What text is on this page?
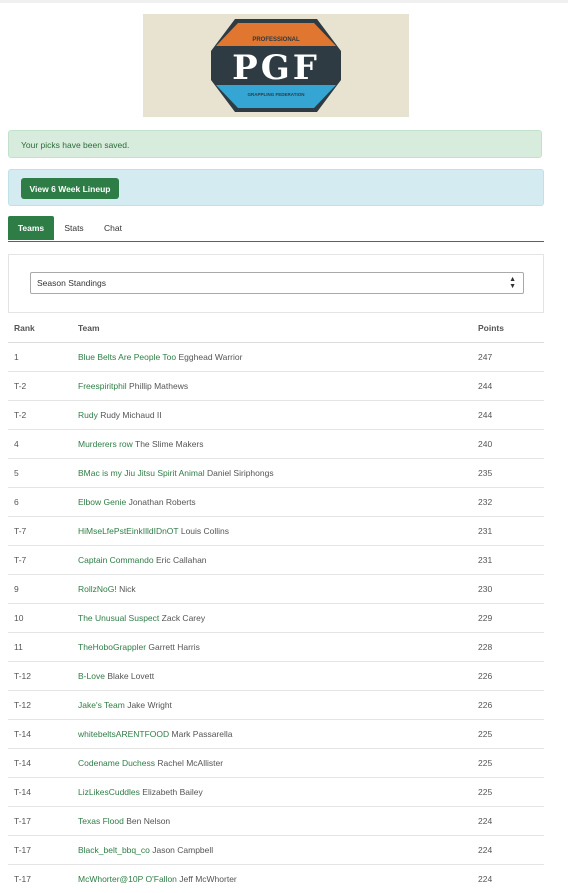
PROFESSIONAL
PGF
GRAPPLING FEDERATION
Your picks have been saved.
View 6 Week Lineup
Teams	Stats	Chat
Season Standings	▲
▼
Rank	Team	Points
1	Blue Belts Are People Too Egghead Warrior	247
T-2	Freespiritphil Phillip Mathews	244
T-2	Rudy Rudy Michaud II	244
4	Murderers row The Slime Makers	240
5	BMac is my Jiu Jitsu Spirit Animal Daniel Siriphongs	235
6	Elbow Genie Jonathan Roberts	232
T-7	HiMseLfePstEinkIlldIDnOT Louis Collins	231
T-7	Captain Commando Eric Callahan	231
9	RollzNoG! Nick	230
10	The Unusual Suspect Zack Carey	229
11	TheHoboGrappler Garrett Harris	228
T-12	B-Love Blake Lovett	226
T-12	Jake's Team Jake Wright	226
T-14	whitebeltsARENTFOOD Mark Passarella	225
T-14	Codename Duchess Rachel McAllister	225
T-14	LizLikesCuddles Elizabeth Bailey	225
T-17	Texas Flood Ben Nelson	224
T-17	Black_belt_bbq_co Jason Campbell	224
T-17	McWhorter@10P O'Fallon Jeff McWhorter	224
